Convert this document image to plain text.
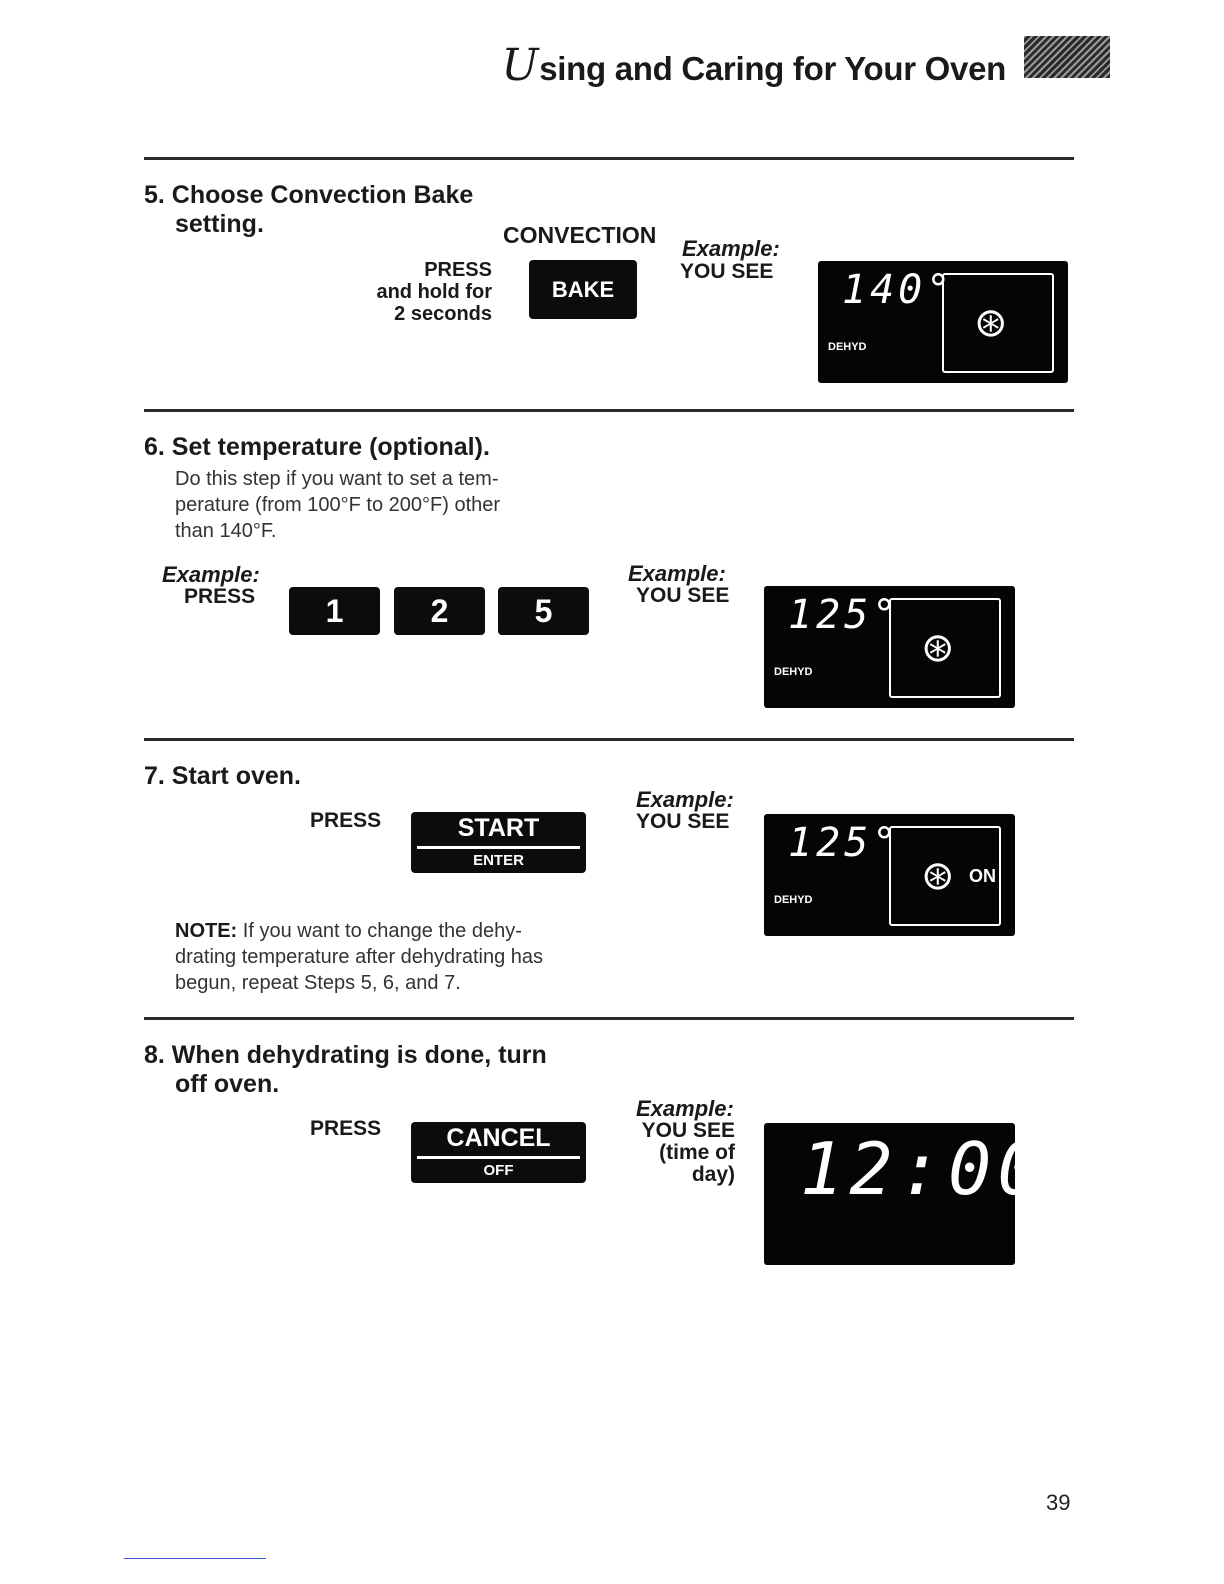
Using and Caring for Your Oven
5. Choose Convection Bake
setting.
PRESS
and hold for
2 seconds
CONVECTION
BAKE
Example:
YOU SEE 140°
DEHYD
⊛
6. Set temperature (optional).
Do this step if you want to set a tem-
perature (from 100°F to 200°F) other
than 140°F.
Example:
PRESS	1	2	5
Example:
YOU SEE 125°
DEHYD
⊛
7. Start oven.
PRESS	START
ENTER
Example:
YOU SEE 125°
DEHYD
⊛ ON
NOTE: If you want to change the dehy-
drating temperature after dehydrating has
begun, repeat Steps 5, 6, and 7.
8. When dehydrating is done, turn
off oven.
PRESS	CANCEL
OFF
Example:
YOU SEE
(time of
day) 12:00
39
